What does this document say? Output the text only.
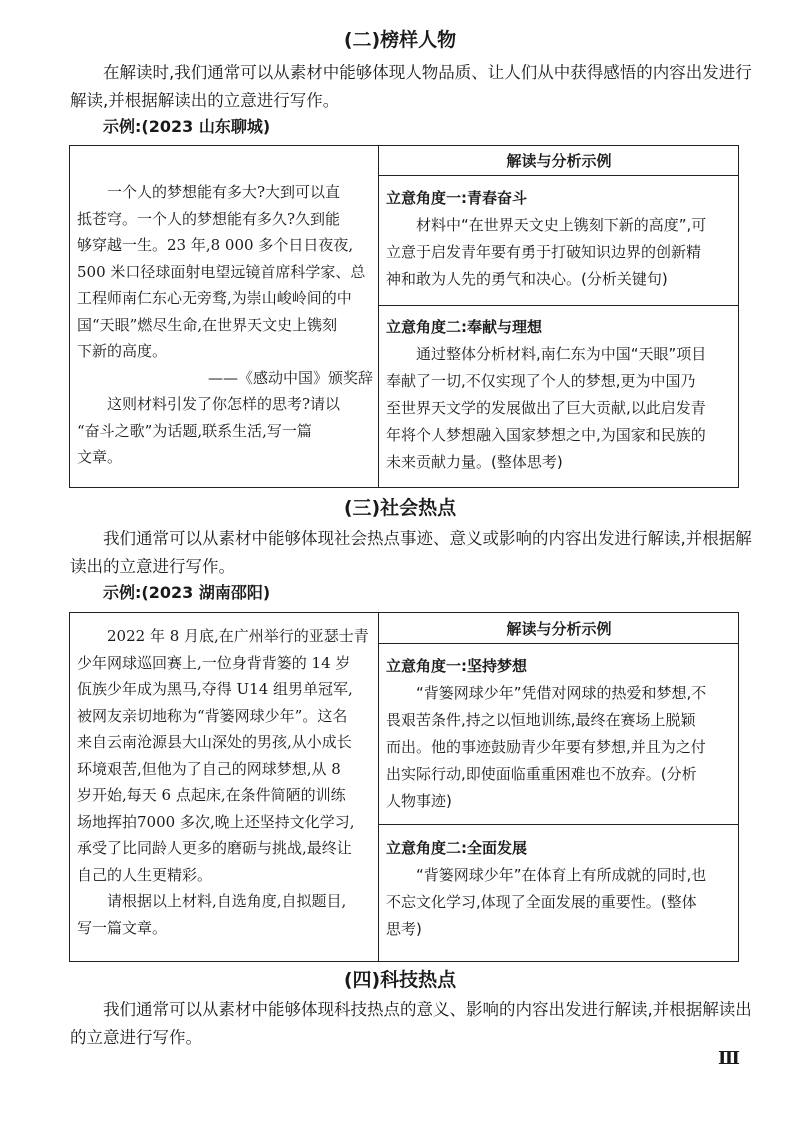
(二)榜样人物
在解读时,我们通常可以从素材中能够体现人物品质、让人们从中获得感悟的内容出发进行
解读,并根据解读出的立意进行写作。
示例:(2023 山东聊城)
解读与分析示例
一个人的梦想能有多大?大到可以直
抵苍穹。一个人的梦想能有多久?久到能
够穿越一生。23 年,8 000 多个日日夜夜,
500 米口径球面射电望远镜首席科学家、总
工程师南仁东心无旁骛,为崇山峻岭间的中
国“天眼”燃尽生命,在世界天文史上镌刻
下新的高度。
——《感动中国》颁奖辞
这则材料引发了你怎样的思考?请以
“奋斗之歌”为话题,联系生活,写一篇
文章。
立意角度一:青春奋斗
材料中“在世界天文史上镌刻下新的高度”,可
立意于启发青年要有勇于打破知识边界的创新精
神和敢为人先的勇气和决心。(分析关键句)
立意角度二:奉献与理想
通过整体分析材料,南仁东为中国“天眼”项目
奉献了一切,不仅实现了个人的梦想,更为中国乃
至世界天文学的发展做出了巨大贡献,以此启发青
年将个人梦想融入国家梦想之中,为国家和民族的
未来贡献力量。(整体思考)
(三)社会热点
我们通常可以从素材中能够体现社会热点事迹、意义或影响的内容出发进行解读,并根据解
读出的立意进行写作。
示例:(2023 湖南邵阳)
解读与分析示例
2022 年 8 月底,在广州举行的亚瑟士青
少年网球巡回赛上,一位身背背篓的 14 岁
佤族少年成为黑马,夺得 U14 组男单冠军,
被网友亲切地称为“背篓网球少年”。这名
来自云南沧源县大山深处的男孩,从小成长
环境艰苦,但他为了自己的网球梦想,从 8
岁开始,每天 6 点起床,在条件简陋的训练
场地挥拍7000 多次,晚上还坚持文化学习,
承受了比同龄人更多的磨砺与挑战,最终让
自己的人生更精彩。
请根据以上材料,自选角度,自拟题目,
写一篇文章。
立意角度一:坚持梦想
“背篓网球少年”凭借对网球的热爱和梦想,不
畏艰苦条件,持之以恒地训练,最终在赛场上脱颖
而出。他的事迹鼓励青少年要有梦想,并且为之付
出实际行动,即使面临重重困难也不放弃。(分析
人物事迹)
立意角度二:全面发展
“背篓网球少年”在体育上有所成就的同时,也
不忘文化学习,体现了全面发展的重要性。(整体
思考)
(四)科技热点
我们通常可以从素材中能够体现科技热点的意义、影响的内容出发进行解读,并根据解读出
的立意进行写作。
Ⅲ
